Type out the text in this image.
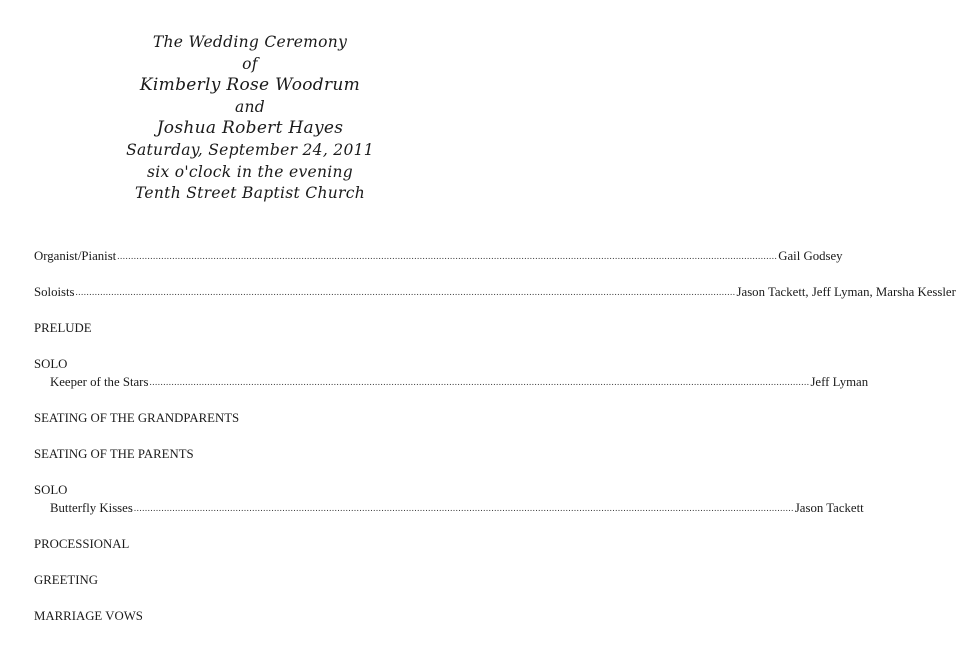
The Wedding Ceremony
of
Kimberly Rose Woodrum
and
Joshua Robert Hayes
Saturday, September 24, 2011
six o'clock in the evening
Tenth Street Baptist Church
Organist/Pianist ................................................................................................................................................................................................................................................ Gail Godsey
Soloists ................................................................................................................................................................................................................................................ Jason Tackett, Jeff Lyman, Marsha Kessler
PRELUDE
SOLO
Keeper of the Stars ................................................................................................................................................................................................................................................ Jeff Lyman
SEATING OF THE GRANDPARENTS
SEATING OF THE PARENTS
SOLO
Butterfly Kisses ................................................................................................................................................................................................................................................ Jason Tackett
PROCESSIONAL
GREETING
MARRIAGE VOWS
